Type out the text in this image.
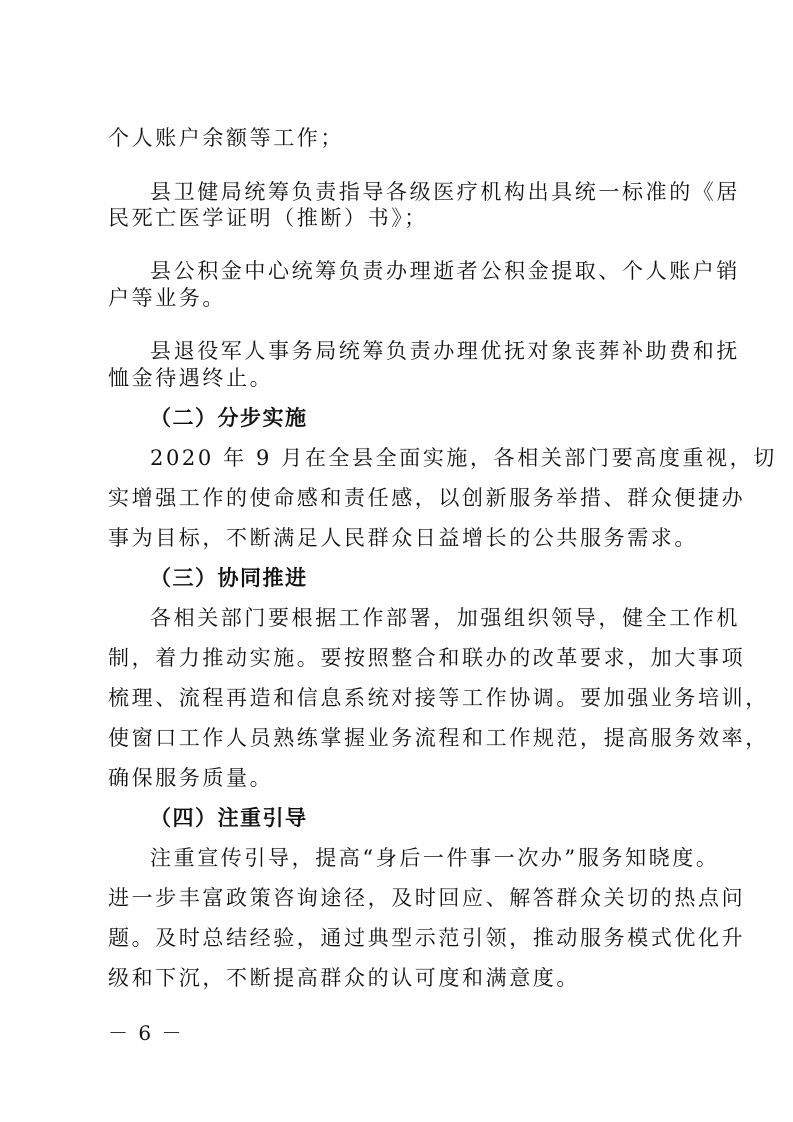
个人账户余额等工作；
县卫健局统筹负责指导各级医疗机构出具统一标准的《居
民死亡医学证明（推断）书》；
县公积金中心统筹负责办理逝者公积金提取、个人账户销
户等业务。
县退役军人事务局统筹负责办理优抚对象丧葬补助费和抚
恤金待遇终止。
（二）分步实施
2020 年 9 月在全县全面实施，各相关部门要高度重视，切
实增强工作的使命感和责任感，以创新服务举措、群众便捷办
事为目标，不断满足人民群众日益增长的公共服务需求。
（三）协同推进
各相关部门要根据工作部署，加强组织领导，健全工作机
制，着力推动实施。要按照整合和联办的改革要求，加大事项
梳理、流程再造和信息系统对接等工作协调。要加强业务培训，
使窗口工作人员熟练掌握业务流程和工作规范，提高服务效率，
确保服务质量。
（四）注重引导
注重宣传引导，提高“身后一件事一次办”服务知晓度。
进一步丰富政策咨询途径，及时回应、解答群众关切的热点问
题。及时总结经验，通过典型示范引领，推动服务模式优化升
级和下沉，不断提高群众的认可度和满意度。
－ 6 －
